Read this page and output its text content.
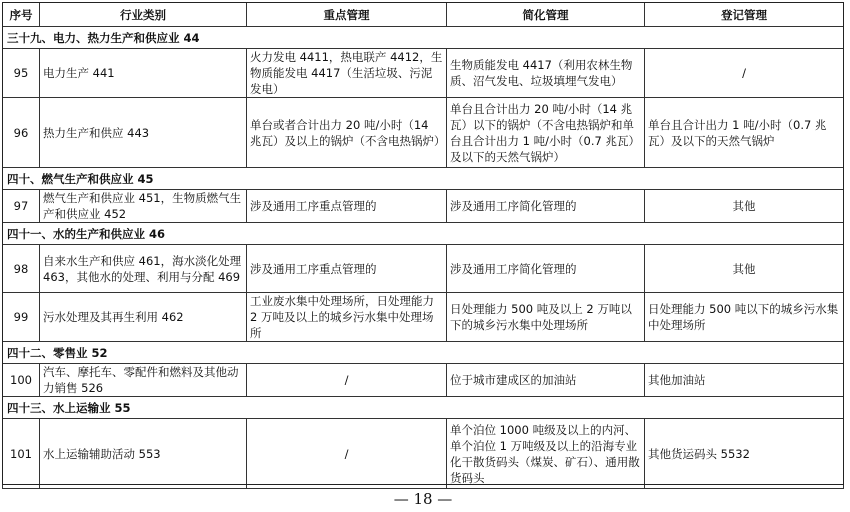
序号	行业类别	重点管理	简化管理	登记管理
三十九、电力、热力生产和供应业 44				
95	电力生产 441	火力发电 4411，热电联产 4412，生物质能发电 4417（生活垃圾、污泥发电）	生物质能发电 4417（利用农林生物质、沼气发电、垃圾填埋气发电）	/
96	热力生产和供应 443	单台或者合计出力 20 吨/小时（14 兆瓦）及以上的锅炉（不含电热锅炉）	单台且合计出力 20 吨/小时（14 兆瓦）以下的锅炉（不含电热锅炉和单台且合计出力 1 吨/小时（0.7 兆瓦）及以下的天然气锅炉）	单台且合计出力 1 吨/小时（0.7 兆瓦）及以下的天然气锅炉
四十、燃气生产和供应业 45				
97	燃气生产和供应业 451，生物质燃气生产和供应业 452	涉及通用工序重点管理的	涉及通用工序简化管理的	其他
四十一、水的生产和供应业 46				
98	自来水生产和供应 461，海水淡化处理 463，其他水的处理、利用与分配 469	涉及通用工序重点管理的	涉及通用工序简化管理的	其他
99	污水处理及其再生利用 462	工业废水集中处理场所，日处理能力 2 万吨及以上的城乡污水集中处理场所	日处理能力 500 吨及以上 2 万吨以下的城乡污水集中处理场所	日处理能力 500 吨以下的城乡污水集中处理场所
四十二、零售业 52				
100	汽车、摩托车、零配件和燃料及其他动力销售 526	/	位于城市建成区的加油站	其他加油站
四十三、水上运输业 55				
101	水上运输辅助活动 553	/	单个泊位 1000 吨级及以上的内河、单个泊位 1 万吨级及以上的沿海专业化干散货码头（煤炭、矿石）、通用散货码头	其他货运码头 5532
— 18 —
